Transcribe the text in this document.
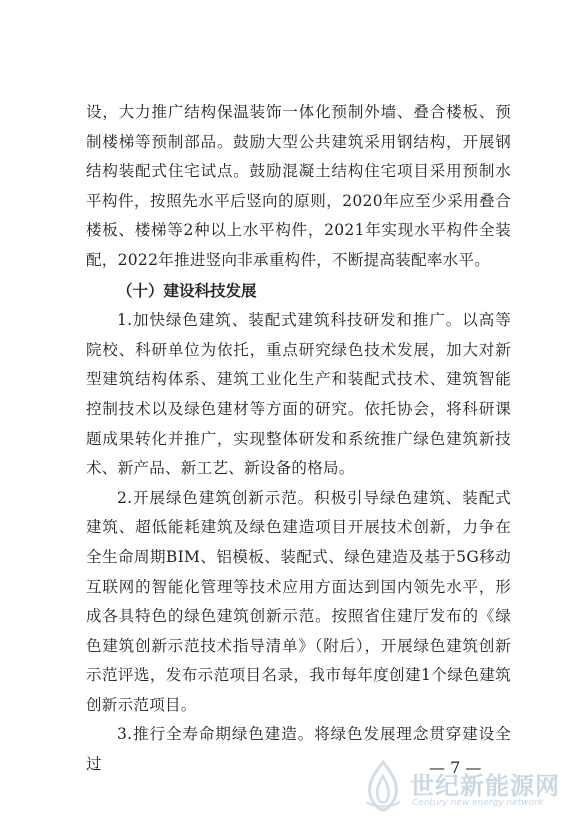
设，大力推广结构保温装饰一体化预制外墙、叠合楼板、预制楼梯等预制部品。鼓励大型公共建筑采用钢结构，开展钢结构装配式住宅试点。鼓励混凝土结构住宅项目采用预制水平构件，按照先水平后竖向的原则，2020年应至少采用叠合楼板、楼梯等2种以上水平构件，2021年实现水平构件全装配，2022年推进竖向非承重构件，不断提高装配率水平。

（十）建设科技发展

1.加快绿色建筑、装配式建筑科技研发和推广。以高等院校、科研单位为依托，重点研究绿色技术发展，加大对新型建筑结构体系、建筑工业化生产和装配式技术、建筑智能控制技术以及绿色建材等方面的研究。依托协会，将科研课题成果转化并推广，实现整体研发和系统推广绿色建筑新技术、新产品、新工艺、新设备的格局。

2.开展绿色建筑创新示范。积极引导绿色建筑、装配式建筑、超低能耗建筑及绿色建造项目开展技术创新，力争在全生命周期BIM、铝模板、装配式、绿色建造及基于5G移动互联网的智能化管理等技术应用方面达到国内领先水平，形成各具特色的绿色建筑创新示范。按照省住建厅发布的《绿色建筑创新示范技术指导清单》（附后），开展绿色建筑创新示范评选，发布示范项目名录，我市每年度创建1个绿色建筑创新示范项目。

3.推行全寿命期绿色建造。将绿色发展理念贯穿建设全过	— 7 —
世纪新能源网
Century new energy network
